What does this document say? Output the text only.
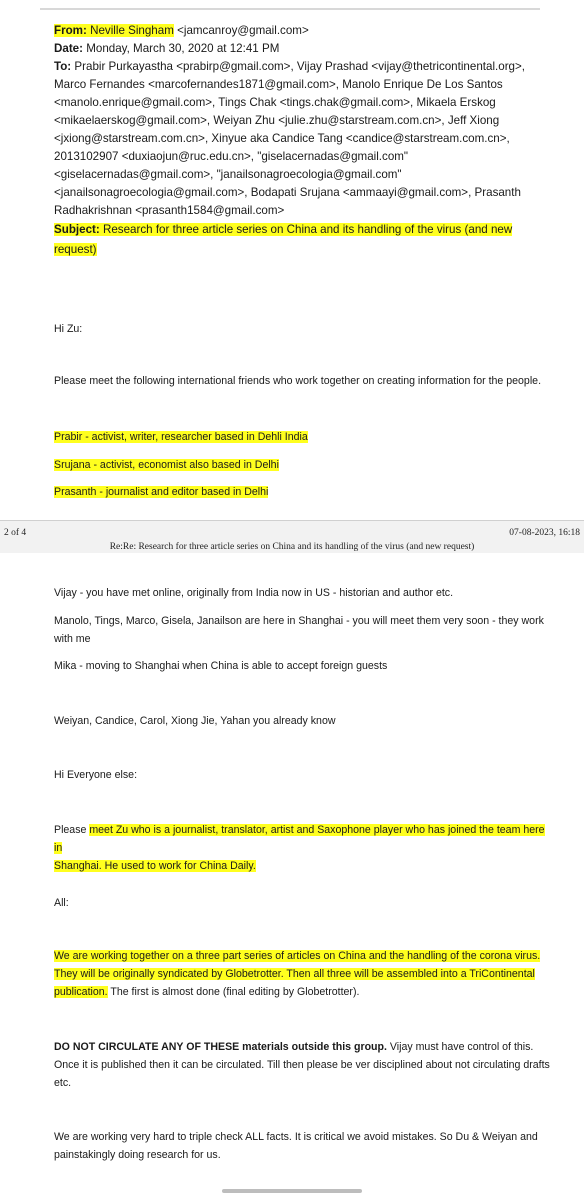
From: Neville Singham <jamcanroy@gmail.com>
Date: Monday, March 30, 2020 at 12:41 PM
To: Prabir Purkayastha <prabirp@gmail.com>, Vijay Prashad <vijay@thetricontinental.org>,
Marco Fernandes <marcofernandes1871@gmail.com>, Manolo Enrique De Los Santos
<manolo.enrique@gmail.com>, Tings Chak <tings.chak@gmail.com>, Mikaela Erskog
<mikaelaerskog@gmail.com>, Weiyan Zhu <julie.zhu@starstream.com.cn>, Jeff Xiong
<jxiong@starstream.com.cn>, Xinyue aka Candice Tang <candice@starstream.com.cn>,
2013102907 <duxiaojun@ruc.edu.cn>, "giselacernadas@gmail.com"
<giselacernadas@gmail.com>, "janailsonagroecologia@gmail.com"
<janailsonagroecologia@gmail.com>, Bodapati Srujana <ammaayi@gmail.com>, Prasanth
Radhakrishnan <prasanth1584@gmail.com>
Subject: Research for three article series on China and its handling of the virus (and new
request)
Hi Zu:
Please meet the following international friends who work together on creating information for the people.
Prabir - activist, writer, researcher based in Dehli India
Srujana - activist, economist also based in Delhi
Prasanth - journalist and editor based in Delhi
2 of 4	07-08-2023, 16:18
Re:Re: Research for three article series on China and its handling of the virus (and new request)
Vijay - you have met online, originally from India now in US - historian and author etc.
Manolo, Tings, Marco, Gisela, Janailson are here in Shanghai - you will meet them very soon - they work
with me
Mika - moving to Shanghai when China is able to accept foreign guests
Weiyan, Candice, Carol, Xiong Jie, Yahan you already know
Hi Everyone else:
Please meet Zu who is a journalist, translator, artist and Saxophone player who has joined the team here in
Shanghai. He used to work for China Daily.
All:
We are working together on a three part series of articles on China and the handling of the corona virus.
They will be originally syndicated by Globetrotter. Then all three will be assembled into a TriContinental
publication. The first is almost done (final editing by Globetrotter).
DO NOT CIRCULATE ANY OF THESE materials outside this group. Vijay must have control of this.
Once it is published then it can be circulated. Till then please be ver disciplined about not circulating drafts
etc.
We are working very hard to triple check ALL facts. It is critical we avoid mistakes. So Du & Weiyan and
painstakingly doing research for us.
